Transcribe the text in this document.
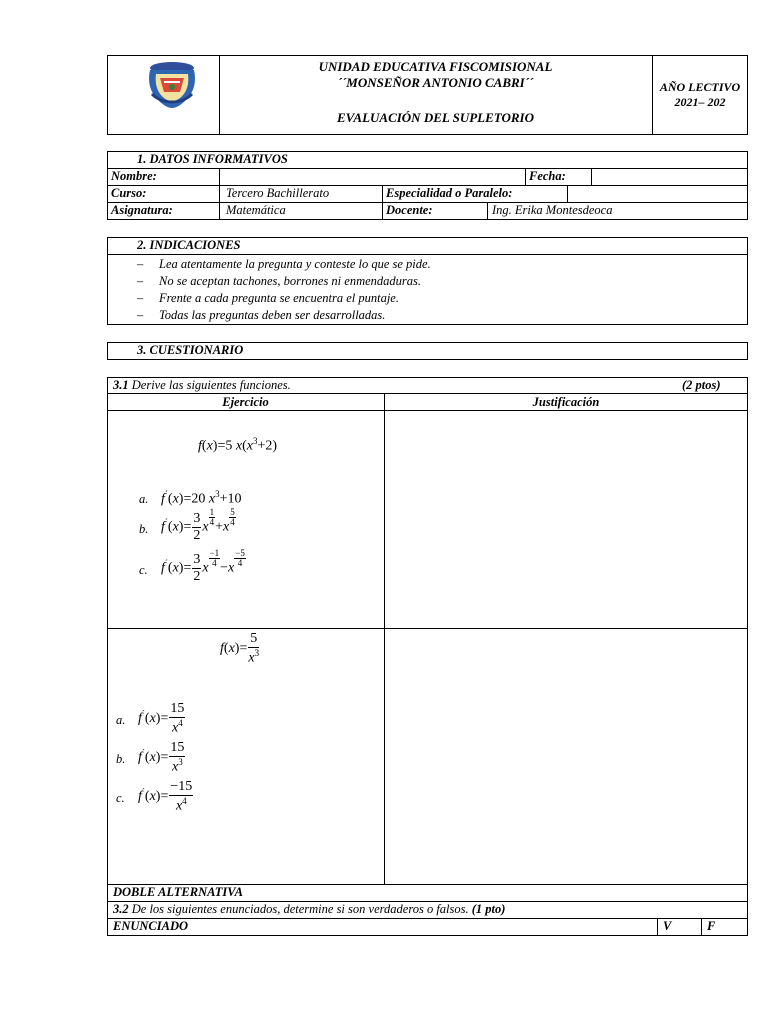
UNIDAD EDUCATIVA FISCOMISIONAL
´´MONSEÑOR ANTONIO CABRI´´
EVALUACIÓN DEL SUPLETORIO
AÑO LECTIVO
2021– 202
1. DATOS INFORMATIVOS
Nombre:	Fecha:
Curso:	Tercero Bachillerato	Especialidad o Paralelo:
Asignatura:	Matemática	Docente:	Ing. Erika Montesdeoca
2. INDICACIONES
– Lea atentamente la pregunta y conteste lo que se pide.
– No se aceptan tachones, borrones ni enmendaduras.
– Frente a cada pregunta se encuentra el puntaje.
– Todas las preguntas deben ser desarrolladas.
3. CUESTIONARIO
3.1 Derive las siguientes funciones.	(2 ptos)
Ejercicio	Justificación
f(x)=5 $x(x^3+2)$
a. f´(x)=20 $x^3+10$
b. $f^´(x)= \frac{3}{2}$ x
$\frac{1}{4}$
+x
$\frac{5}{4}$
c. $f^´(x)= \frac{3}{2}$ x
$\frac{-1}{4}$
−x
$\frac{-5}{4}$
$f(x)= \frac{5}{x^3}$
a. $f^´(x)= \frac{15}{x^4}$
b. $f^´(x)= \frac{15}{x^3}$
c. $f^´(x)= \frac{-15}{x^4}$
DOBLE ALTERNATIVA
3.2 De los siguientes enunciados, determine si son verdaderos o falsos. (1 pto)
ENUNCIADO	V	F
